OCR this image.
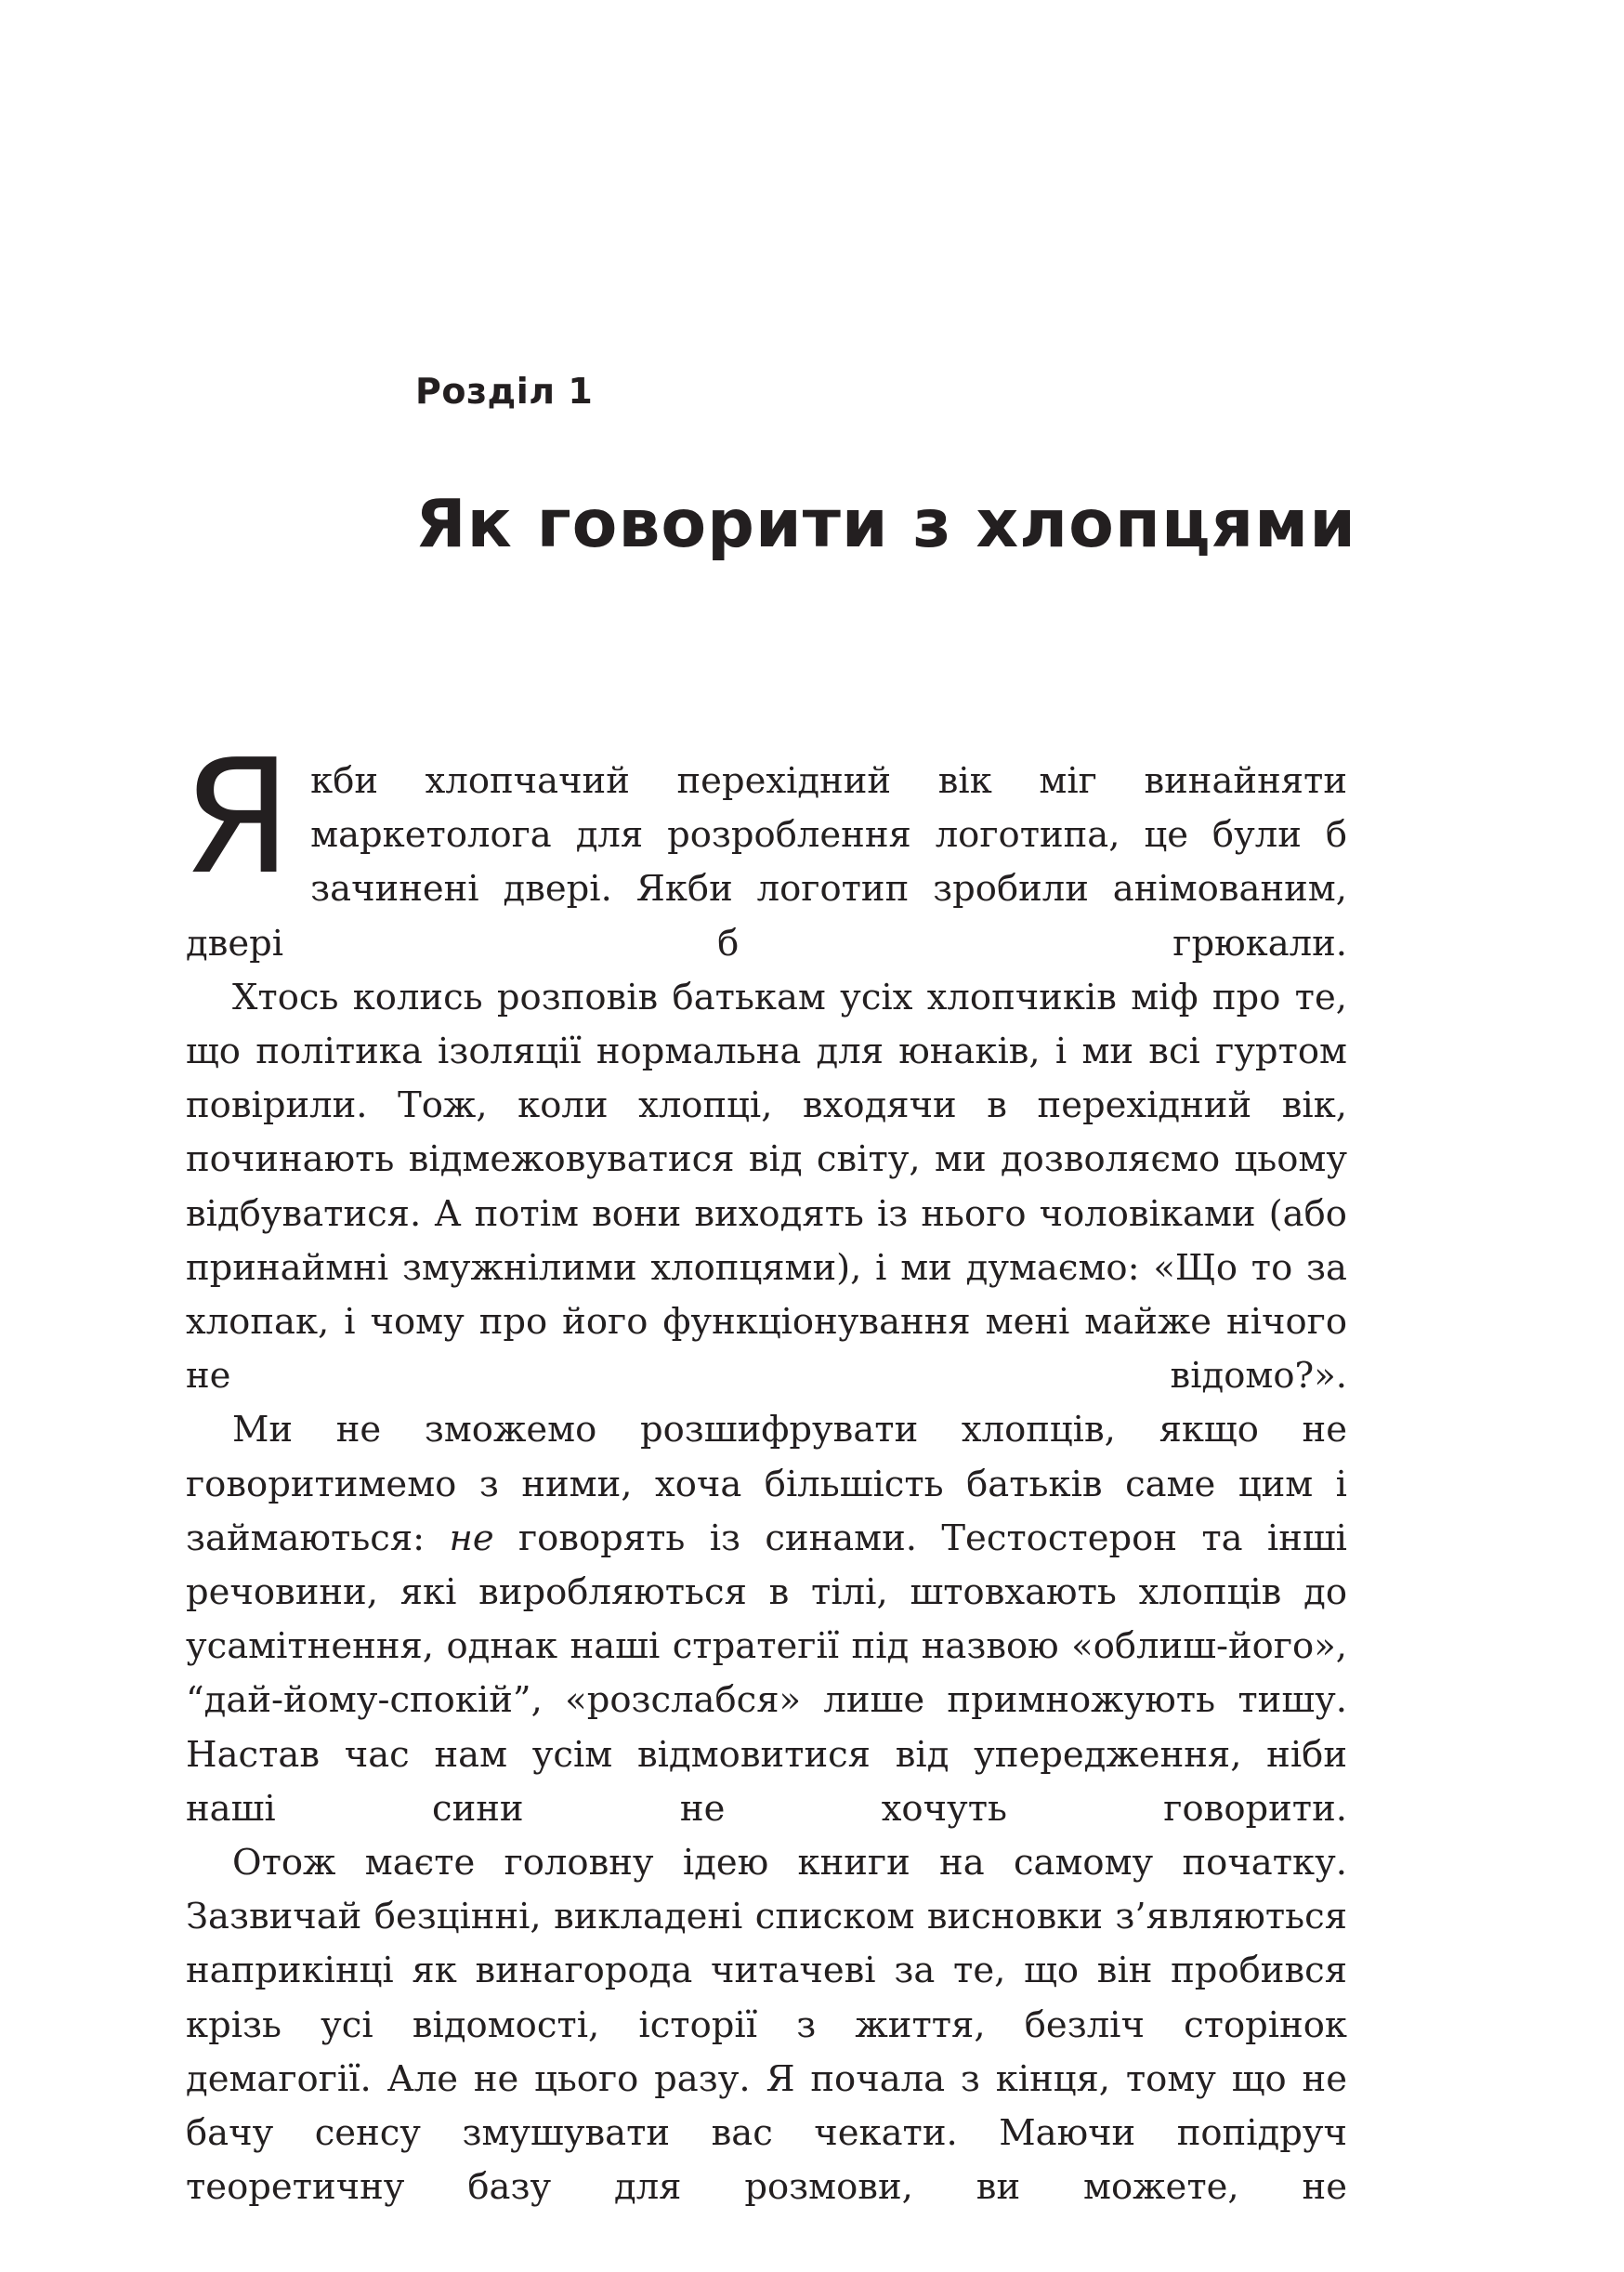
Розділ 1
Як говорити з хлопцями

Якби хлопчачий перехідний вік міг винайняти маркетолога для розроблення логотипа, це були б зачинені двері. Якби логотип зробили анімованим, двері б грюкали.

Хтось колись розповів батькам усіх хлопчиків міф про те, що політика ізоляції нормальна для юнаків, і ми всі гуртом повірили. Тож, коли хлопці, входячи в перехідний вік, починають відмежовуватися від світу, ми дозволяємо цьому відбуватися. А потім вони виходять із нього чоловіками (або принаймні змужнілими хлопцями), і ми думаємо: «Що то за хлопак, і чому про його функціонування мені майже нічого не відомо?».

Ми не зможемо розшифрувати хлопців, якщо не говоритимемо з ними, хоча більшість батьків саме цим і займаються: не говорять із синами. Тестостерон та інші речовини, які виробляються в тілі, штовхають хлопців до усамітнення, однак наші стратегії під назвою «облиш-його», “дай-йому-спокій”, «розслабся» лише примножують тишу. Настав час нам усім відмовитися від упередження, ніби наші сини не хочуть говорити.

Отож маєте головну ідею книги на самому початку. Зазвичай безцінні, викладені списком висновки з’являються наприкінці як винагорода читачеві за те, що він пробився крізь усі відомості, історії з життя, безліч сторінок демагогії. Але не цього разу. Я почала з кінця, тому що не бачу сенсу змушувати вас чекати. Маючи попідруч теоретичну базу для розмови, ви можете, не
